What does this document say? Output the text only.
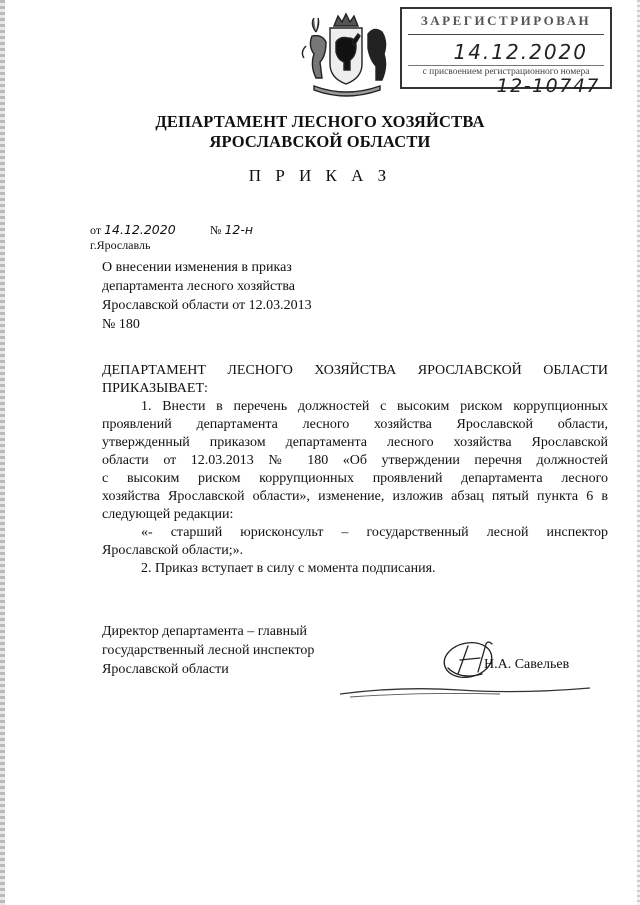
ЗАРЕГИСТРИРОВАН
14.12.2020
с присвоением регистрационного номера
12-10747
ДЕПАРТАМЕНТ ЛЕСНОГО ХОЗЯЙСТВА
ЯРОСЛАВСКОЙ ОБЛАСТИ
П Р И К А З
от 14.12.2020	№ 12-н
г.Ярославль
О внесении изменения в приказ
департамента лесного хозяйства
Ярославской области от 12.03.2013
№ 180
ДЕПАРТАМЕНТ ЛЕСНОГО ХОЗЯЙСТВА ЯРОСЛАВСКОЙ ОБЛАСТИ
ПРИКАЗЫВАЕТ:
1. Внести в перечень должностей с высоким риском коррупционных
проявлений департамента лесного хозяйства Ярославской области,
утвержденный приказом департамента лесного хозяйства Ярославской
области от 12.03.2013 № 180 «Об утверждении перечня должностей
с высоким риском коррупционных проявлений департамента лесного
хозяйства Ярославской области», изменение, изложив абзац пятый пункта 6 в
следующей редакции:
«- старший юрисконсульт – государственный лесной инспектор
Ярославской области;».
2. Приказ вступает в силу с момента подписания.
Директор департамента – главный
государственный лесной инспектор
Ярославской области	Н.А. Савельев
